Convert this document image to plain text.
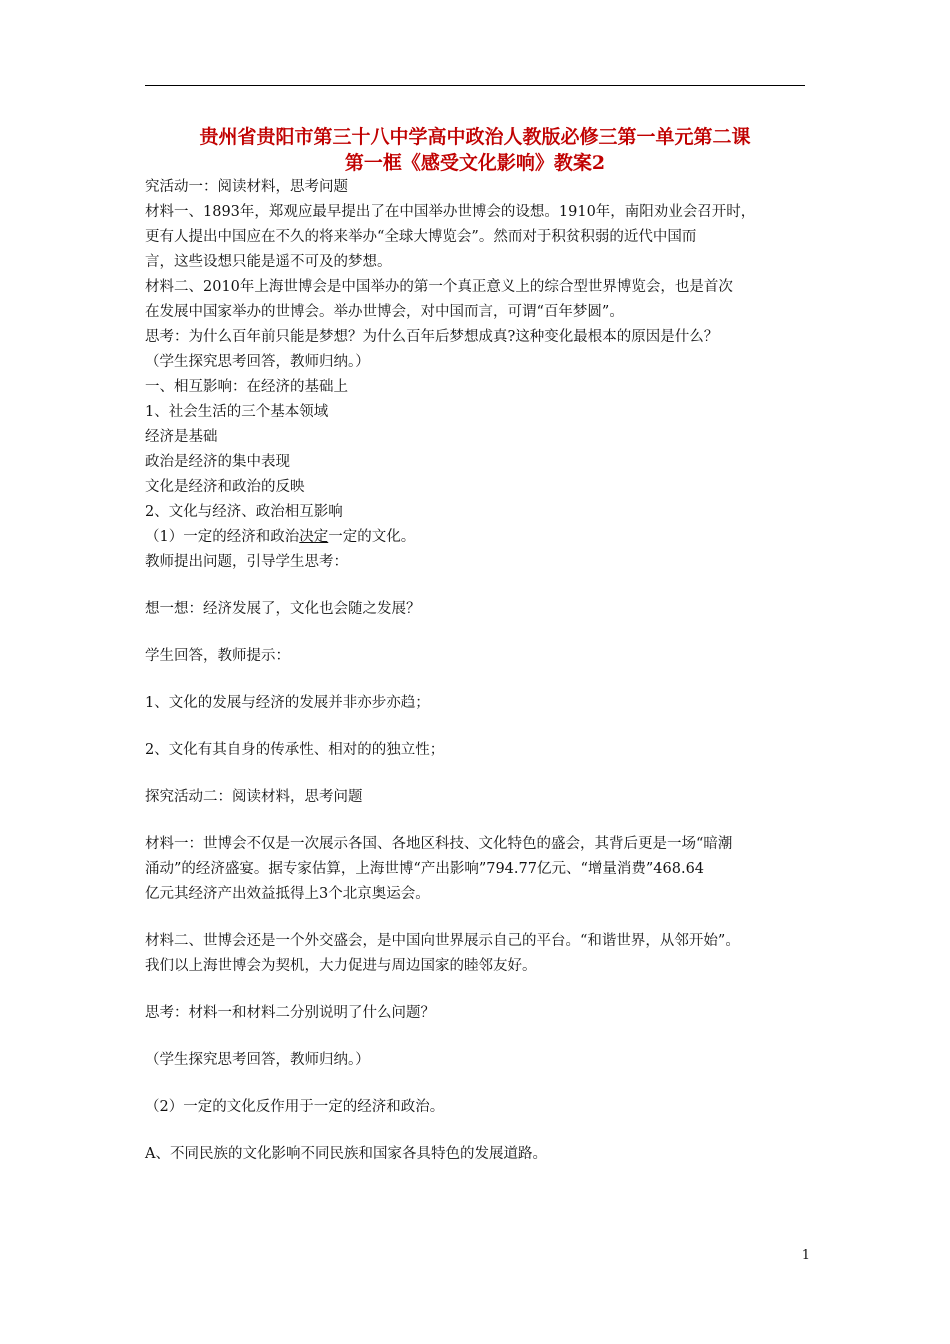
贵州省贵阳市第三十八中学高中政治人教版必修三第一单元第二课
第一框《感受文化影响》教案2
究活动一：阅读材料，思考问题
材料一、1893年，郑观应最早提出了在中国举办世博会的设想。1910年，南阳劝业会召开时，
更有人提出中国应在不久的将来举办“全球大博览会”。然而对于积贫积弱的近代中国而
言，这些设想只能是遥不可及的梦想。
材料二、2010年上海世博会是中国举办的第一个真正意义上的综合型世界博览会，也是首次
在发展中国家举办的世博会。举办世博会，对中国而言，可谓“百年梦圆”。
思考：为什么百年前只能是梦想？为什么百年后梦想成真?这种变化最根本的原因是什么？
（学生探究思考回答，教师归纳。）
一、相互影响：在经济的基础上
1、社会生活的三个基本领域
经济是基础
政治是经济的集中表现
文化是经济和政治的反映
2、文化与经济、政治相互影响
（1）一定的经济和政治决定一定的文化。
教师提出问题，引导学生思考：
想一想：经济发展了，文化也会随之发展？
学生回答，教师提示：
1、文化的发展与经济的发展并非亦步亦趋；
2、文化有其自身的传承性、相对的的独立性；
探究活动二：阅读材料，思考问题
材料一：世博会不仅是一次展示各国、各地区科技、文化特色的盛会，其背后更是一场“暗潮
涌动”的经济盛宴。据专家估算，上海世博“产出影响”794.77亿元、“增量消费”468.64
亿元其经济产出效益抵得上3个北京奥运会。
材料二、世博会还是一个外交盛会，是中国向世界展示自己的平台。“和谐世界，从邻开始”。
我们以上海世博会为契机，大力促进与周边国家的睦邻友好。
思考：材料一和材料二分别说明了什么问题？
（学生探究思考回答，教师归纳。）
（2）一定的文化反作用于一定的经济和政治。
A、不同民族的文化影响不同民族和国家各具特色的发展道路。
1
